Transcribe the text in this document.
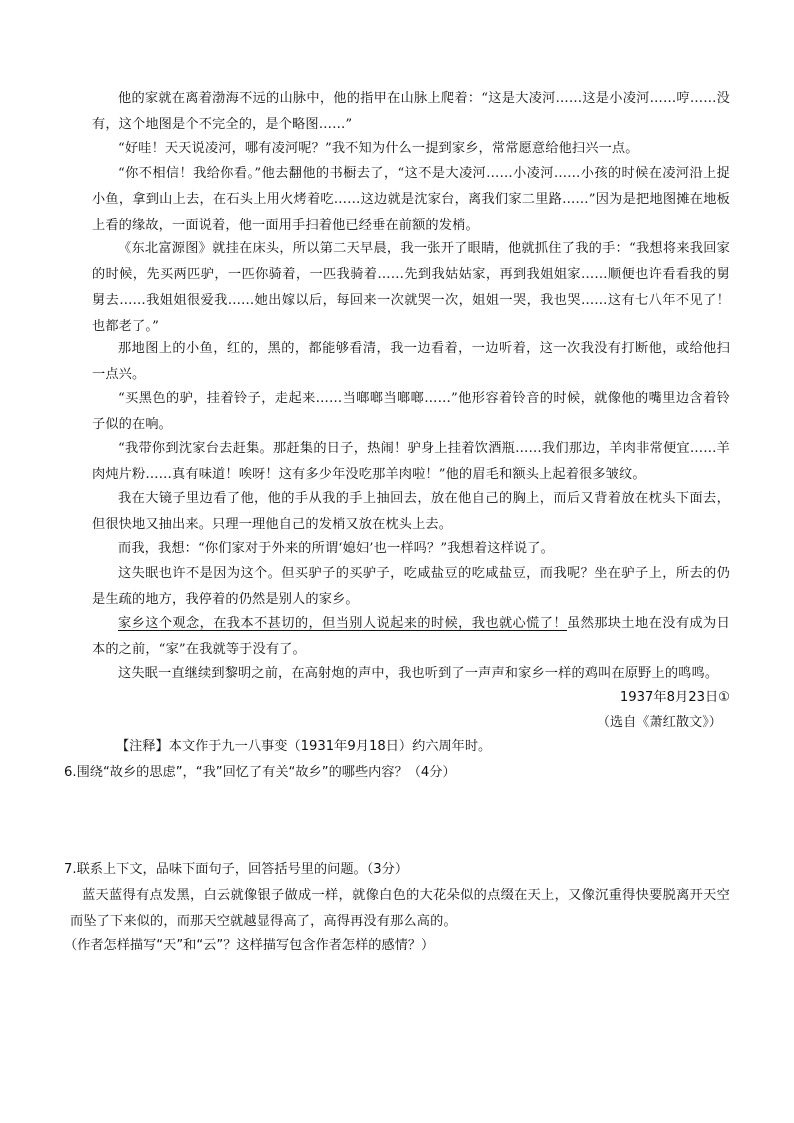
他的家就在离着渤海不远的山脉中，他的指甲在山脉上爬着：“这是大凌河……这是小凌河……哼……没有，这个地图是个不完全的，是个略图……”
“好哇！天天说凌河，哪有凌河呢？”我不知为什么一提到家乡，常常愿意给他扫兴一点。
“你不相信！我给你看。”他去翻他的书橱去了，“这不是大凌河……小凌河……小孩的时候在凌河沿上捉小鱼，拿到山上去，在石头上用火烤着吃……这边就是沈家台，离我们家二里路……”因为是把地图摊在地板上看的缘故，一面说着，他一面用手扫着他已经垂在前额的发梢。
《东北富源图》就挂在床头，所以第二天早晨，我一张开了眼睛，他就抓住了我的手：“我想将来我回家的时候，先买两匹驴，一匹你骑着，一匹我骑着……先到我姑姑家，再到我姐姐家……顺便也许看看我的舅舅去……我姐姐很爱我……她出嫁以后，每回来一次就哭一次，姐姐一哭，我也哭……这有七八年不见了！也都老了。”
那地图上的小鱼，红的，黑的，都能够看清，我一边看着，一边听着，这一次我没有打断他，或给他扫一点兴。
“买黑色的驴，挂着铃子，走起来……当啷啷当啷啷……”他形容着铃音的时候，就像他的嘴里边含着铃子似的在响。
“我带你到沈家台去赶集。那赶集的日子，热闹！驴身上挂着饮酒瓶……我们那边，羊肉非常便宜……羊肉炖片粉……真有味道！唉呀！这有多少年没吃那羊肉啦！”他的眉毛和额头上起着很多皱纹。
我在大镜子里边看了他，他的手从我的手上抽回去，放在他自己的胸上，而后又背着放在枕头下面去，但很快地又抽出来。只理一理他自己的发梢又放在枕头上去。
而我，我想：“你们家对于外来的所谓‘媳妇’也一样吗？”我想着这样说了。
这失眠也许不是因为这个。但买驴子的买驴子，吃咸盐豆的吃咸盐豆，而我呢？坐在驴子上，所去的仍是生疏的地方，我停着的仍然是别人的家乡。
家乡这个观念，在我本不甚切的，但当别人说起来的时候，我也就心慌了！虽然那块土地在没有成为日本的之前，“家”在我就等于没有了。
这失眠一直继续到黎明之前，在高射炮的声中，我也听到了一声声和家乡一样的鸡叫在原野上的鸣鸣。
1937年8月23日①
（选自《萧红散文》）
【注释】本文作于九一八事变（1931年9月18日）约六周年时。
6.围绕“故乡的思虑”，“我”回忆了有关“故乡”的哪些内容？（4分）
7.联系上下文，品味下面句子，回答括号里的问题。（3分）
蓝天蓝得有点发黑，白云就像银子做成一样，就像白色的大花朵似的点缀在天上，又像沉重得快要脱离开天空而坠了下来似的，而那天空就越显得高了，高得再没有那么高的。
（作者怎样描写“天”和“云”？这样描写包含作者怎样的感情？）
